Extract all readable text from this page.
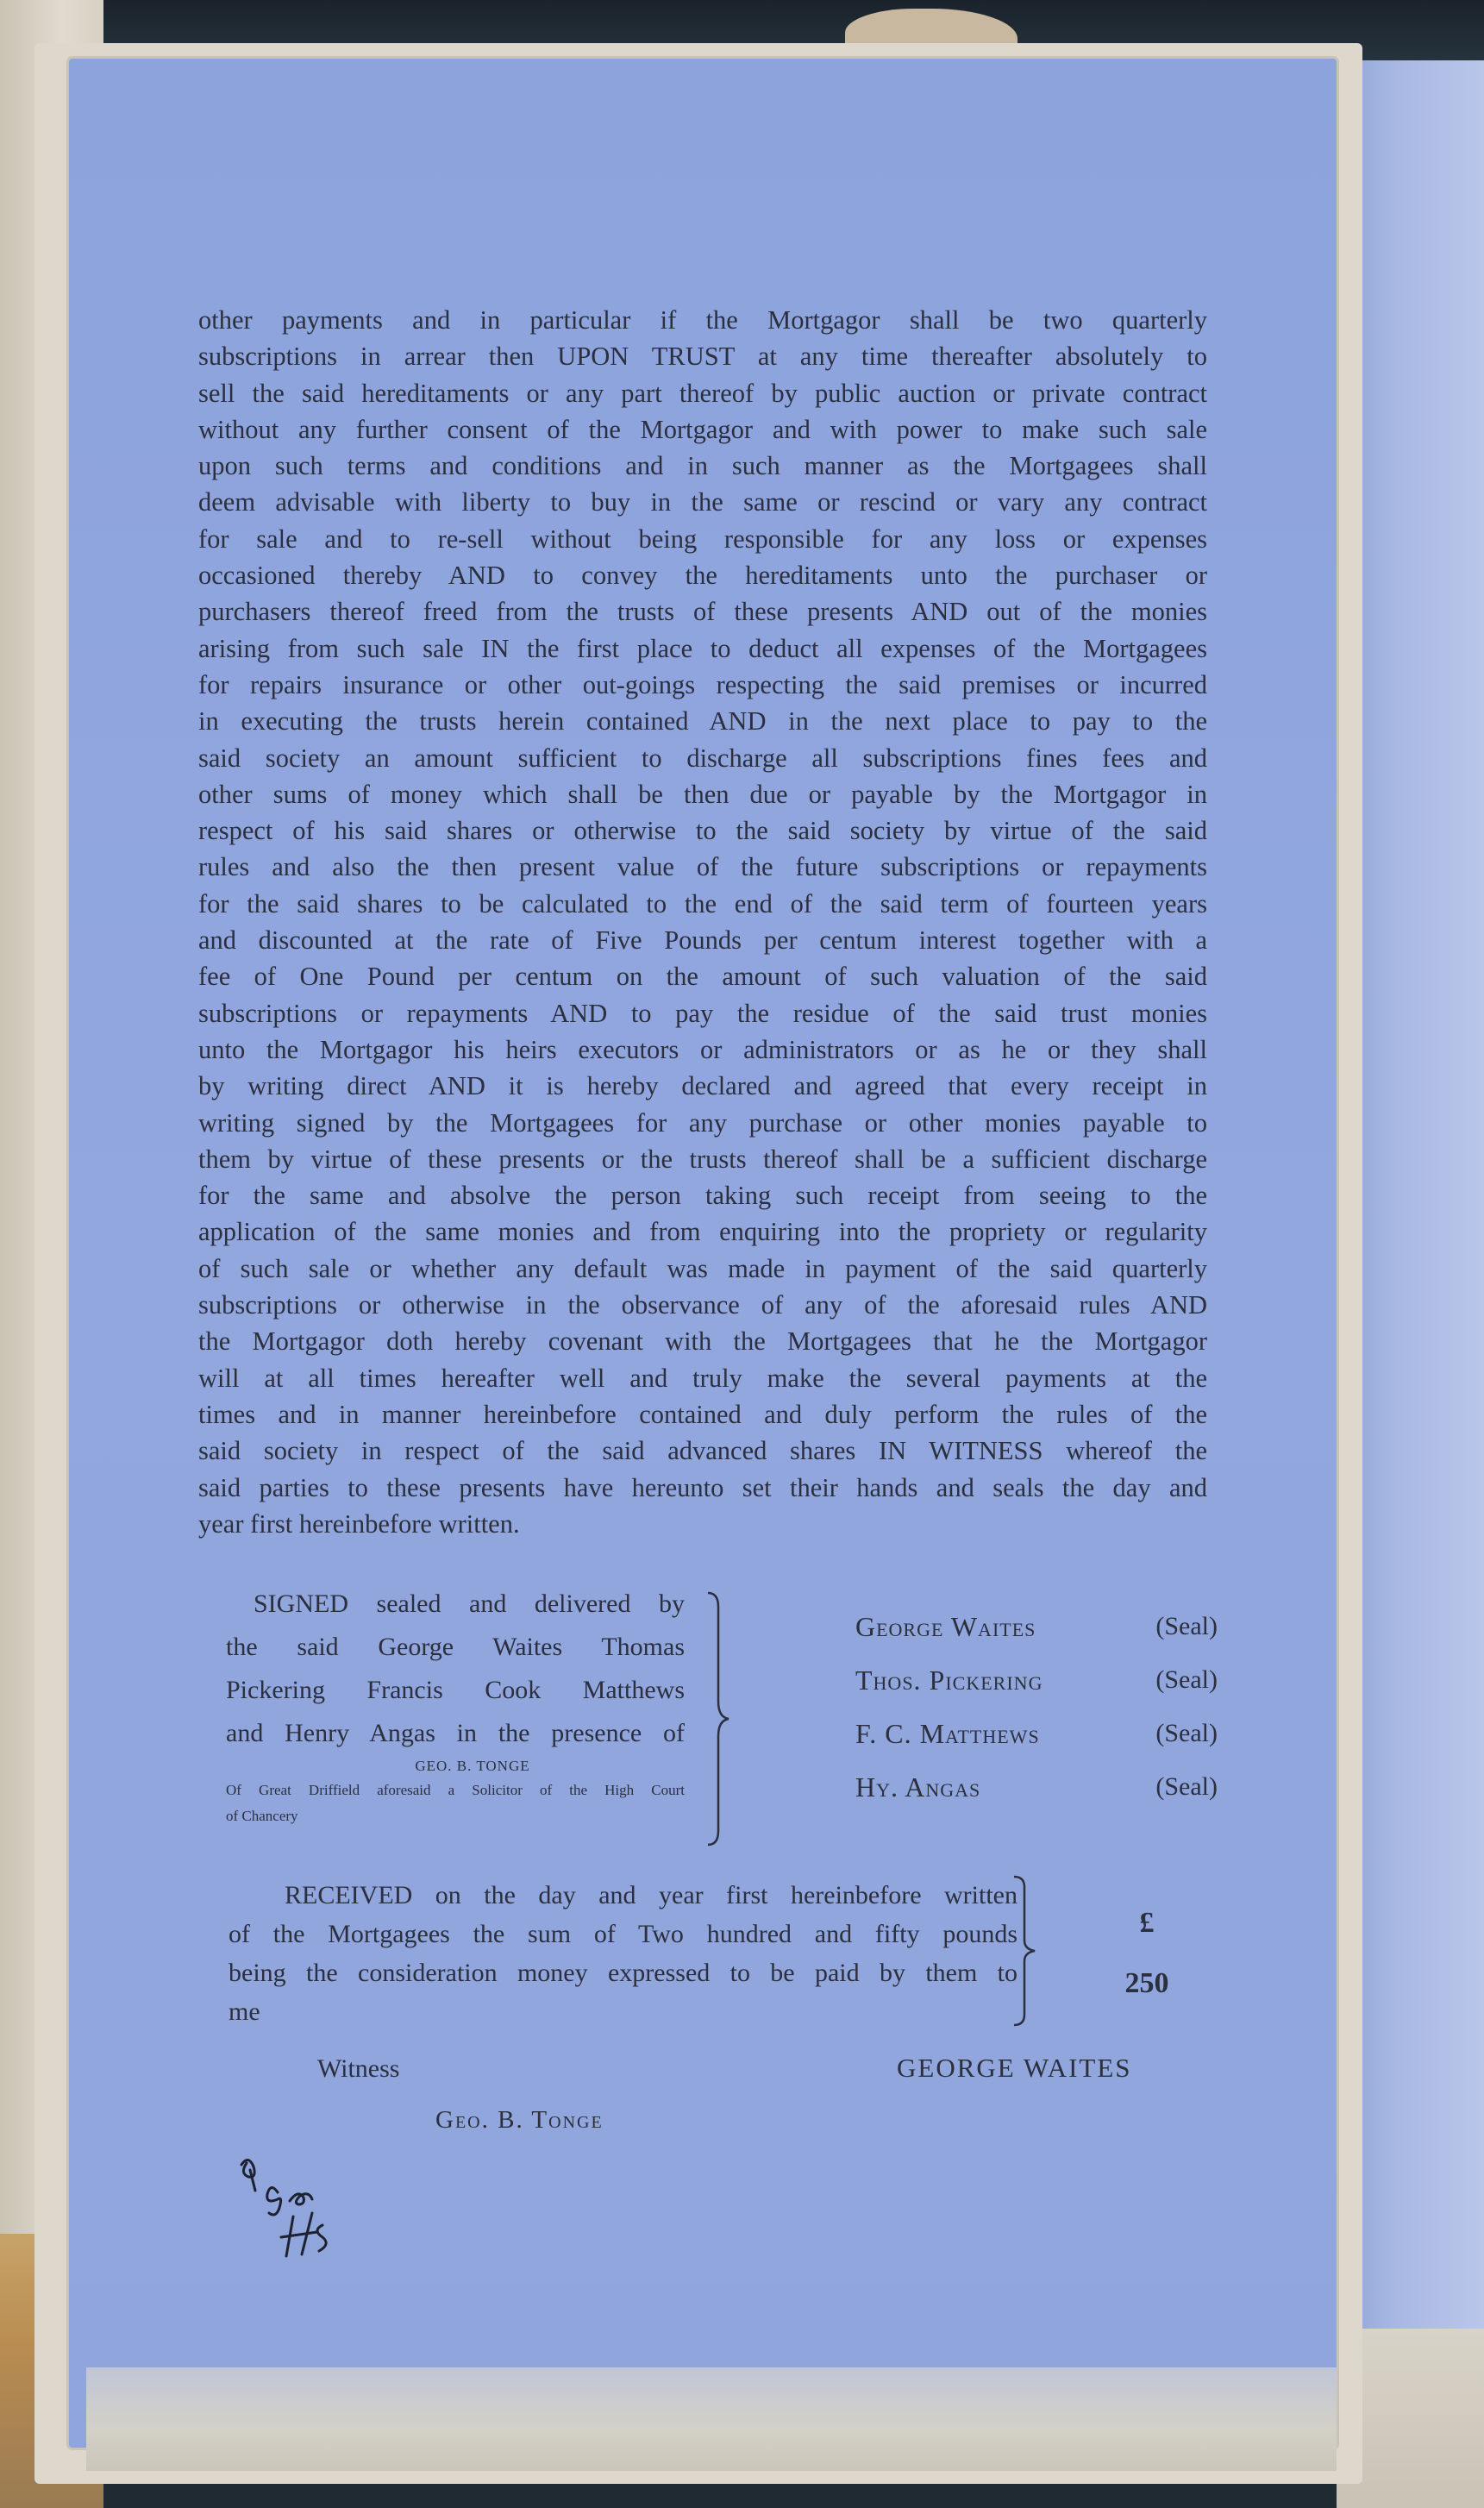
other payments and in particular if the Mortgagor shall be two quarterly

subscriptions in arrear then UPON TRUST at any time thereafter absolutely to

sell the said hereditaments or any part thereof by public auction or private contract

without any further consent of the Mortgagor and with power to make such sale

upon such terms and conditions and in such manner as the Mortgagees shall

deem advisable with liberty to buy in the same or rescind or vary any contract

for sale and to re-sell without being responsible for any loss or expenses

occasioned thereby AND to convey the hereditaments unto the purchaser or

purchasers thereof freed from the trusts of these presents AND out of the monies

arising from such sale IN the first place to deduct all expenses of the Mortgagees

for repairs insurance or other out-goings respecting the said premises or incurred

in executing the trusts herein contained AND in the next place to pay to the

said society an amount sufficient to discharge all subscriptions fines fees and

other sums of money which shall be then due or payable by the Mortgagor in

respect of his said shares or otherwise to the said society by virtue of the said

rules and also the then present value of the future subscriptions or repayments

for the said shares to be calculated to the end of the said term of fourteen years

and discounted at the rate of Five Pounds per centum interest together with a

fee of One Pound per centum on the amount of such valuation of the said

subscriptions or repayments AND to pay the residue of the said trust monies

unto the Mortgagor his heirs executors or administrators or as he or they shall

by writing direct AND it is hereby declared and agreed that every receipt in

writing signed by the Mortgagees for any purchase or other monies payable to

them by virtue of these presents or the trusts thereof shall be a sufficient discharge

for the same and absolve the person taking such receipt from seeing to the

application of the same monies and from enquiring into the propriety or regularity

of such sale or whether any default was made in payment of the said quarterly

subscriptions or otherwise in the observance of any of the aforesaid rules AND

the Mortgagor doth hereby covenant with the Mortgagees that he the Mortgagor

will at all times hereafter well and truly make the several payments at the

times and in manner hereinbefore contained and duly perform the rules of the

said society in respect of the said advanced shares IN WITNESS whereof the

said parties to these presents have hereunto set their hands and seals the day and

year first hereinbefore written.

SIGNED sealed and delivered by

the said George Waites Thomas

Pickering Francis Cook Matthews

and Henry Angas in the presence of

GEO. B. TONGE

Of Great Driffield aforesaid a Solicitor of the High Court

of Chancery

George Waites	(Seal)
Thos. Pickering	(Seal)
F. C. Matthews	(Seal)
Hy. Angas	(Seal)

RECEIVED on the day and year first hereinbefore written

of the Mortgagees the sum of Two hundred and fifty pounds

being the consideration money expressed to be paid by them to

me

£
250
Witness	GEORGE WAITES
Geo. B. Tonge
